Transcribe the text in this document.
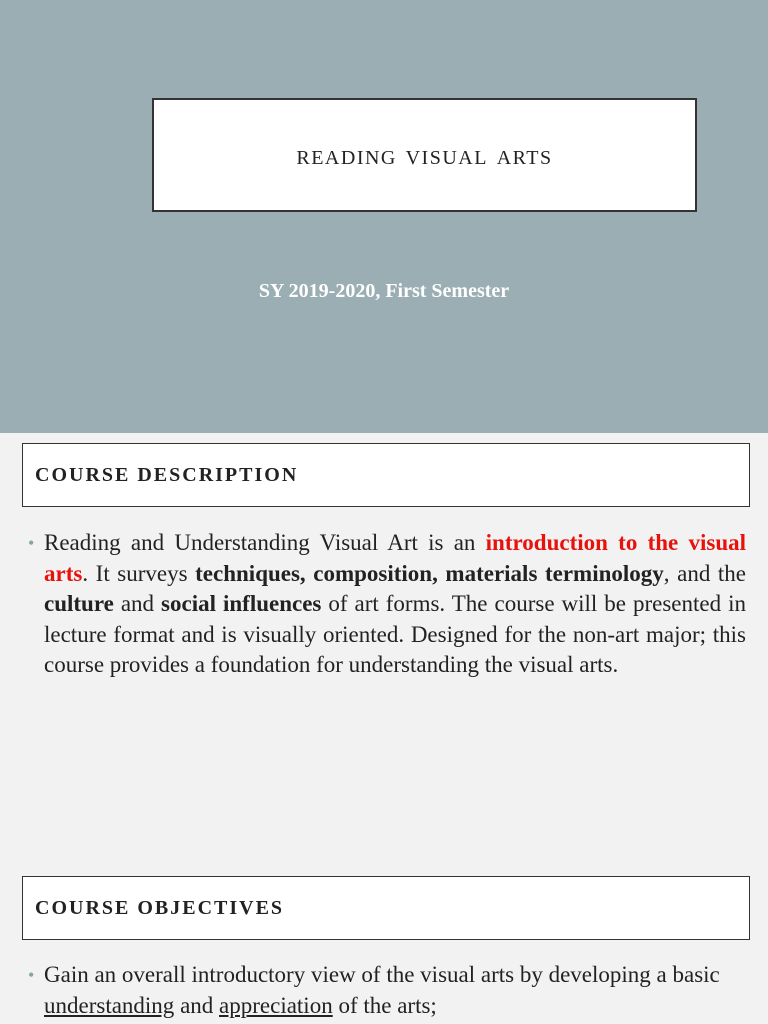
reading visual arts
SY 2019-2020, First Semester
COURSE DESCRIPTION
• Reading and Understanding Visual Art is an introduction to the visual arts. It surveys techniques, composition, materials terminology, and the culture and social influences of art forms. The course will be presented in lecture format and is visually oriented. Designed for the non-art major; this course provides a foundation for understanding the visual arts.

COURSE OBJECTIVES
• Gain an overall introductory view of the visual arts by developing a basic understanding and appreciation of the arts;
